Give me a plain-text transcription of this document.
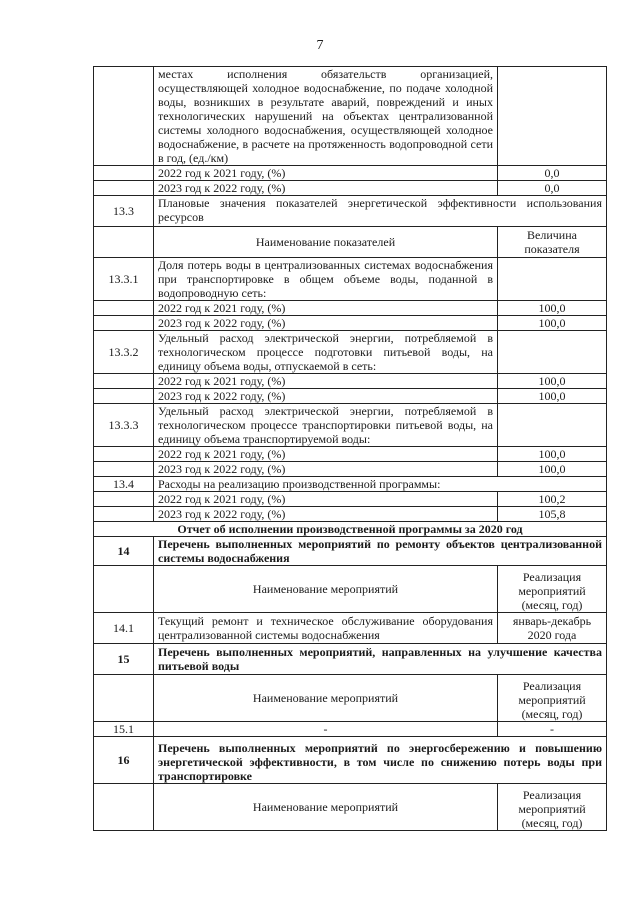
7
	местах исполнения обязательств организацией, осуществляющей холодное водоснабжение, по подаче холодной воды, возникших в результате аварий, повреждений и иных технологических нарушений на объектах централизованной системы холодного водоснабжения, осуществляющей холодное водоснабжение, в расчете на протяженность водопроводной сети в год, (ед./км)	
	2022 год к 2021 году, (%)	0,0
	2023 год к 2022 году, (%)	0,0
13.3	Плановые значения показателей энергетической эффективности использования ресурсов	
	Наименование показателей	Величина показателя
13.3.1	Доля потерь воды в централизованных системах водоснабжения при транспортировке в общем объеме воды, поданной в водопроводную сеть:	
	2022 год к 2021 году, (%)	100,0
	2023 год к 2022 году, (%)	100,0
13.3.2	Удельный расход электрической энергии, потребляемой в технологическом процессе подготовки питьевой воды, на единицу объема воды, отпускаемой в сеть:	
	2022 год к 2021 году, (%)	100,0
	2023 год к 2022 году, (%)	100,0
13.3.3	Удельный расход электрической энергии, потребляемой в технологическом процессе транспортировки питьевой воды, на единицу объема транспортируемой воды:	
	2022 год к 2021 году, (%)	100,0
	2023 год к 2022 году, (%)	100,0
13.4	Расходы на реализацию производственной программы:	
	2022 год к 2021 году, (%)	100,2
	2023 год к 2022 году, (%)	105,8
Отчет об исполнении производственной программы за 2020 год		
14	Перечень выполненных мероприятий по ремонту объектов централизованной системы водоснабжения	
	Наименование мероприятий	Реализация мероприятий (месяц, год)
14.1	Текущий ремонт и техническое обслуживание оборудования централизованной системы водоснабжения	январь-декабрь 2020 года
15	Перечень выполненных мероприятий, направленных на улучшение качества питьевой воды	
	Наименование мероприятий	Реализация мероприятий (месяц, год)
15.1	-	-
16	Перечень выполненных мероприятий по энергосбережению и повышению энергетической эффективности, в том числе по снижению потерь воды при транспортировке	
	Наименование мероприятий	Реализация мероприятий (месяц, год)
